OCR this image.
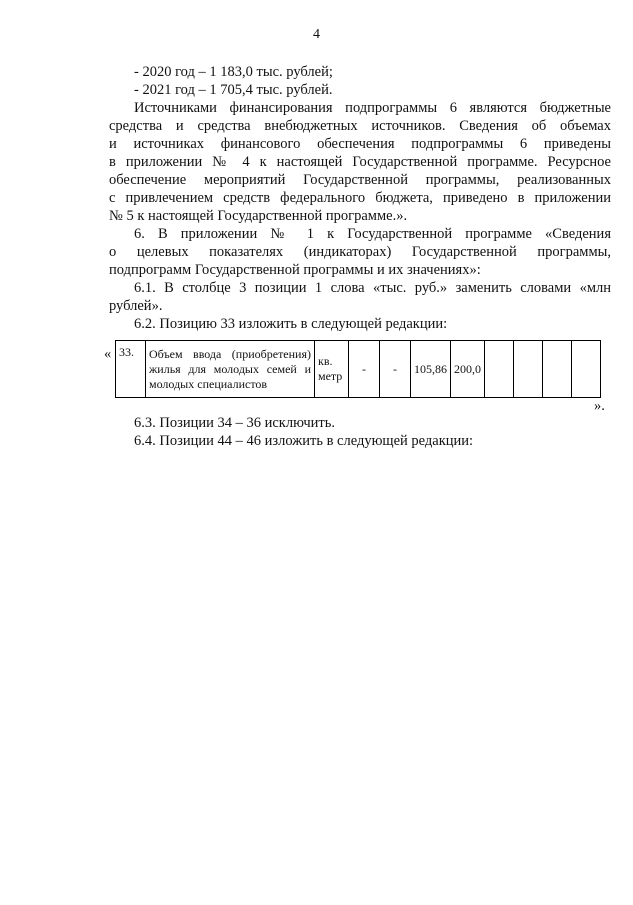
4
- 2020 год – 1 183,0 тыс. рублей;
- 2021 год – 1 705,4 тыс. рублей.
Источниками финансирования подпрограммы 6 являются бюджетные
средства и средства внебюджетных источников. Сведения об объемах
и источниках финансового обеспечения подпрограммы 6 приведены
в приложении № 4 к настоящей Государственной программе. Ресурсное
обеспечение мероприятий Государственной программы, реализованных
с привлечением средств федерального бюджета, приведено в приложении
№ 5 к настоящей Государственной программе.».
6. В приложении № 1 к Государственной программе «Сведения
о целевых показателях (индикаторах) Государственной программы,
подпрограмм Государственной программы и их значениях»:
6.1. В столбце 3 позиции 1 слова «тыс. руб.» заменить словами «млн
рублей».
6.2. Позицию 33 изложить в следующей редакции:
« 33.	Объем ввода (приобретения) жилья для молодых семей и молодых специалистов	кв. метр	-	-	105,86	200,0				
».
6.3. Позиции 34 – 36 исключить.
6.4. Позиции 44 – 46 изложить в следующей редакции:
